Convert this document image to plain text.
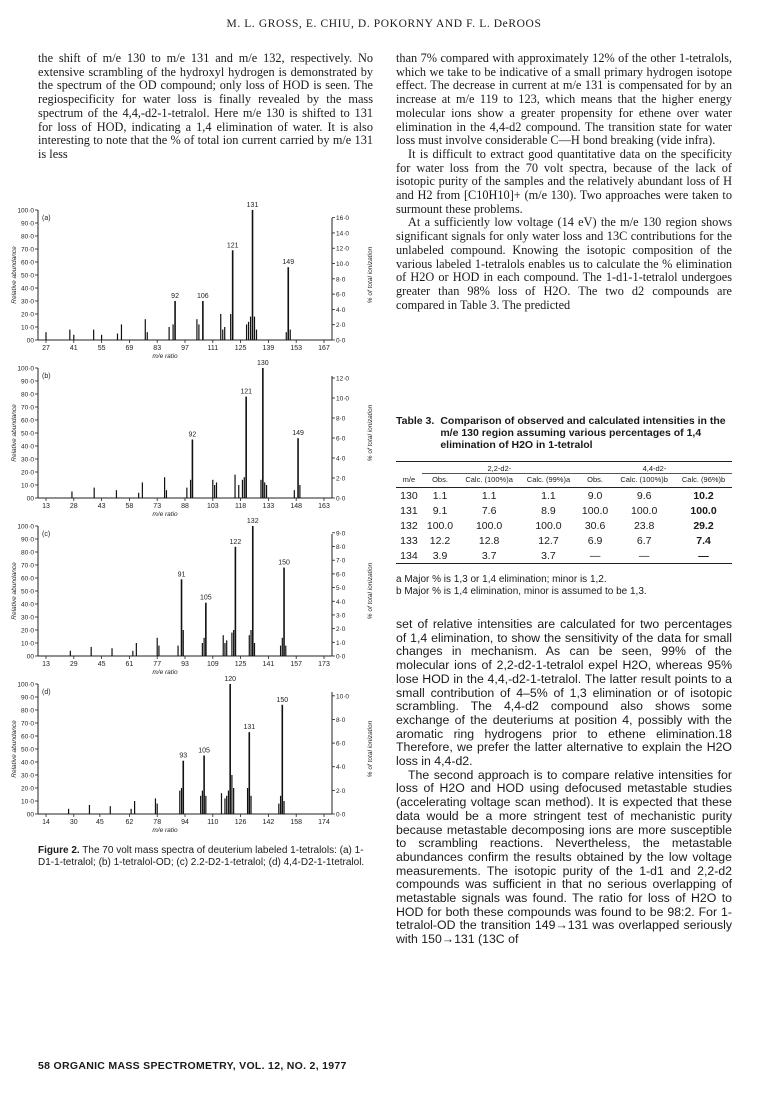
M. L. GROSS, E. CHIU, D. POKORNY AND F. L. DeROOS

the shift of m/e 130 to m/e 131 and m/e 132, respectively. No extensive scrambling of the hydroxyl hydrogen is demonstrated by the spectrum of the OD compound; only loss of HOD is seen. The regiospecificity for water loss is finally revealed by the mass spectrum of the 4,4,-d2-1-tetralol. Here m/e 130 is shifted to 131 for loss of HOD, indicating a 1,4 elimination of water. It is also interesting to note that the % of total ion current carried by m/e 131 is less

00
10·0
20·0
30·0
40·0
50·0
60·0
70·0
80·0
90·0
100·0
0·0
2·0
4·0
6·0
8·0
10·0
12·0
14·0
16·0
27	41	55	69	83	97	111 125 139 153 167
m/e ratio
(a)
Relative abundance	% of total ionization
92	106
121
131
149
00
10·0
20·0
30·0
40·0
50·0
60·0
70·0
80·0
90·0
100·0
0·0
2·0
4·0
6·0
8·0
10·0
12·0
13	28	43	58	73	88	103 118 133 148 163
m/e ratio
(b)
Relative abundance	% of total ionization
92
121
130
149
00
10·0
20·0
30·0
40·0
50·0
60·0
70·0
80·0
90·0
100·0
0·0
1·0
2·0
3·0
4·0
5·0
6·0
7·0
8·0
9·0
13	29	45	61	77	93	109 125 141 157 173
m/e ratio
(c)
Relative abundance	% of total ionization
91
105
122
132
150
00
10·0
20·0
30·0
40·0
50·0
60·0
70·0
80·0
90·0
100·0
0·0
2·0
4·0
6·0
8·0
10·0
14	30	45	62	78	94	110 126 142 158 174
m/e ratio
(d)
Relative abundance	% of total ionization
93
105
120
131
150
Figure 2. The 70 volt mass spectra of deuterium labeled 1-tetralols: (a) 1-D1-1-tetralol; (b) 1-tetralol-OD; (c) 2.2-D2-1-tetralol; (d) 4,4-D2-1-1tetralol.

than 7% compared with approximately 12% of the other 1-tetralols, which we take to be indicative of a small primary hydrogen isotope effect. The decrease in current at m/e 131 is compensated for by an increase at m/e 119 to 123, which means that the higher energy molecular ions show a greater propensity for ethene over water elimination in the 4,4-d2 compound. The transition state for water loss must involve considerable C—H bond breaking (vide infra).

It is difficult to extract good quantitative data on the specificity for water loss from the 70 volt spectra, because of the lack of isotopic purity of the samples and the relatively abundant loss of H and H2 from [C10H10]+ (m/e 130). Two approaches were taken to surmount these problems.

At a sufficiently low voltage (14 eV) the m/e 130 region shows significant signals for only water loss and 13C contributions for the unlabeled compound. Knowing the isotopic composition of the various labeled 1-tetralols enables us to calculate the % elimination of H2O or HOD in each compound. The 1-d1-1-tetralol undergoes greater than 98% loss of H2O. The two d2 compounds are compared in Table 3. The predicted

Table 3. Comparison of observed and calculated intensities in the m/e 130 region assuming various percentages of 1,4 elimination of H2O in 1-tetralol
	2,2-d2-			4,4-d2-		
m/e	Obs.	Calc. (100%)a	Calc. (99%)a	Obs.	Calc. (100%)b	Calc. (96%)b
130	1.1	1.1	1.1	9.0	9.6	10.2
131	9.1	7.6	8.9	100.0	100.0	100.0
132	100.0	100.0	100.0	30.6	23.8	29.2
133	12.2	12.8	12.7	6.9	6.7	7.4
134	3.9	3.7	3.7	—	—	—
a Major % is 1,3 or 1,4 elimination; minor is 1,2.
b Major % is 1,4 elimination, minor is assumed to be 1,3.

set of relative intensities are calculated for two percentages of 1,4 elimination, to show the sensitivity of the data for small changes in mechanism. As can be seen, 99% of the molecular ions of 2,2-d2-1-tetralol expel H2O, whereas 95% lose HOD in the 4,4,-d2-1-tetralol. The latter result points to a small contribution of 4–5% of 1,3 elimination or of isotopic scrambling. The 4,4-d2 compound also shows some exchange of the deuteriums at position 4, possibly with the aromatic ring hydrogens prior to ethene elimination.18 Therefore, we prefer the latter alternative to explain the H2O loss in 4,4-d2.

The second approach is to compare relative intensities for loss of H2O and HOD using defocused metastable studies (accelerating voltage scan method). It is expected that these data would be a more stringent test of mechanistic purity because metastable decomposing ions are more susceptible to scrambling reactions. Nevertheless, the metastable abundances confirm the results obtained by the low voltage measurements. The isotopic purity of the 1-d1 and 2,2-d2 compounds was sufficient in that no serious overlapping of metastable signals was found. The ratio for loss of H2O to HOD for both these compounds was found to be 98:2. For 1-tetralol-OD the transition 149→131 was overlapped seriously with 150→131 (13C of

58 ORGANIC MASS SPECTROMETRY, VOL. 12, NO. 2, 1977
